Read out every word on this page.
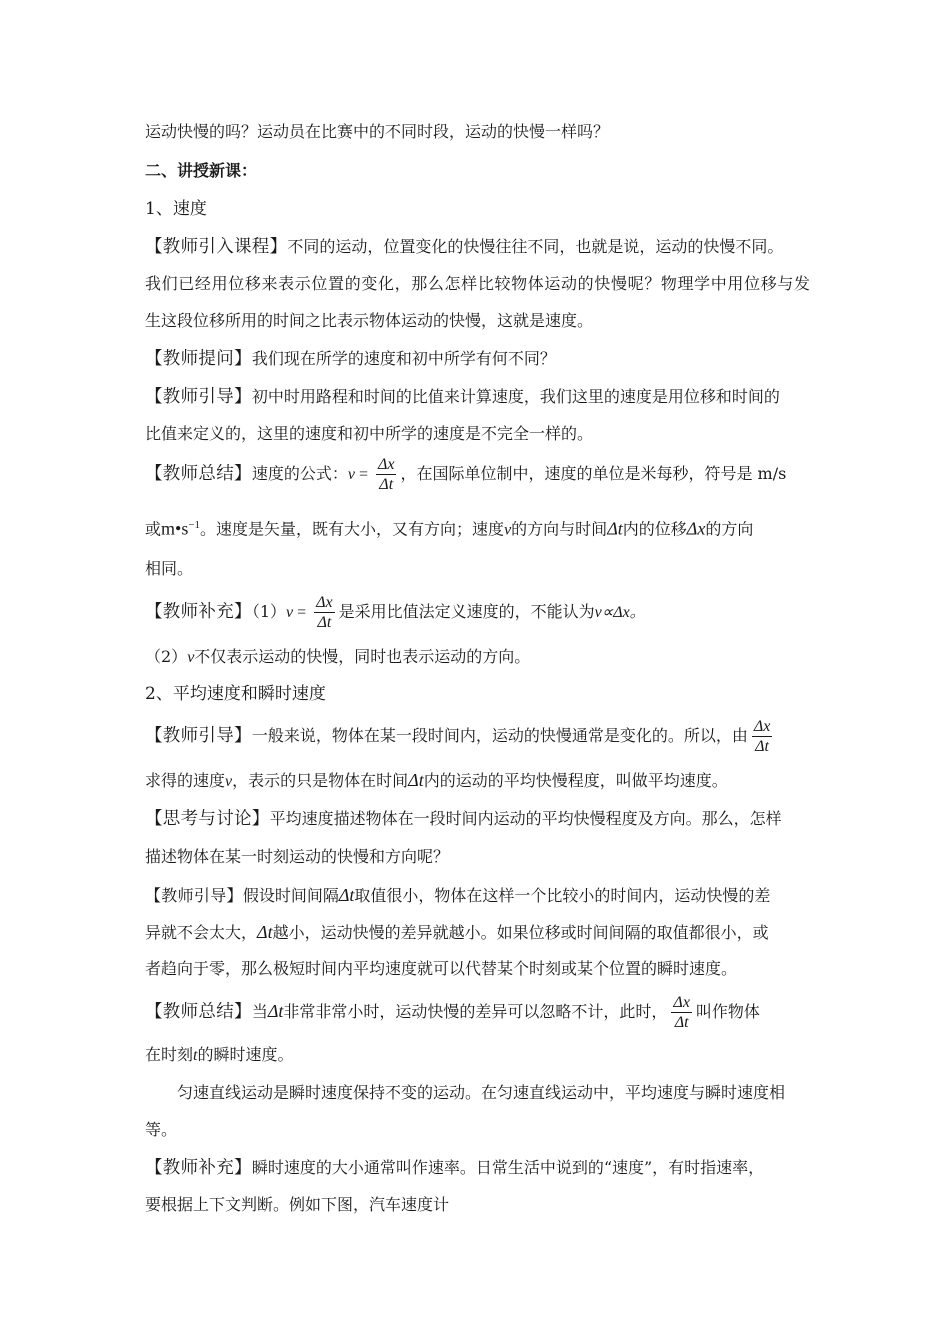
运动快慢的吗？运动员在比赛中的不同时段，运动的快慢一样吗？
二、讲授新课：
1、速度
【教师引入课程】不同的运动，位置变化的快慢往往不同，也就是说，运动的快慢不同。
我们已经用位移来表示位置的变化，那么怎样比较物体运动的快慢呢？物理学中用位移与发
生这段位移所用的时间之比表示物体运动的快慢，这就是速度。
【教师提问】我们现在所学的速度和初中所学有何不同？
【教师引导】初中时用路程和时间的比值来计算速度，我们这里的速度是用位移和时间的
比值来定义的，这里的速度和初中所学的速度是不完全一样的。
【教师总结】速度的公式：$v = \frac{\Delta x}{\Delta t}$ ，在国际单位制中，速度的单位是米每秒，符号是 m/s
或$m•s^{-1}$。速度是矢量，既有大小，又有方向；速度v的方向与时间Δt内的位移Δx的方向
相同。
【教师补充】$(1)v = \frac{\Delta x}{\Delta t}$ 是采用比值法定义速度的，不能认为v∝Δx。
（2）v不仅表示运动的快慢，同时也表示运动的方向。
2、平均速度和瞬时速度
【教师引导】一般来说，物体在某一段时间内，运动的快慢通常是变化的。所以，由 $\frac{\Delta x}{\Delta t}$
求得的速度v，表示的只是物体在时间Δt内的运动的平均快慢程度，叫做平均速度。
【思考与讨论】平均速度描述物体在一段时间内运动的平均快慢程度及方向。那么，怎样
描述物体在某一时刻运动的快慢和方向呢？
【教师引导】假设时间间隔Δt取值很小，物体在这样一个比较小的时间内，运动快慢的差
异就不会太大，Δt越小，运动快慢的差异就越小。如果位移或时间间隔的取值都很小，或
者趋向于零，那么极短时间内平均速度就可以代替某个时刻或某个位置的瞬时速度。
【教师总结】当Δt非常非常小时，运动快慢的差异可以忽略不计，此时， $\frac{\Delta x}{\Delta t}$ 叫作物体
在时刻t的瞬时速度。
匀速直线运动是瞬时速度保持不变的运动。在匀速直线运动中，平均速度与瞬时速度相
等。
【教师补充】瞬时速度的大小通常叫作速率。日常生活中说到的“速度”，有时指速率，
要根据上下文判断。例如下图，汽车速度计
